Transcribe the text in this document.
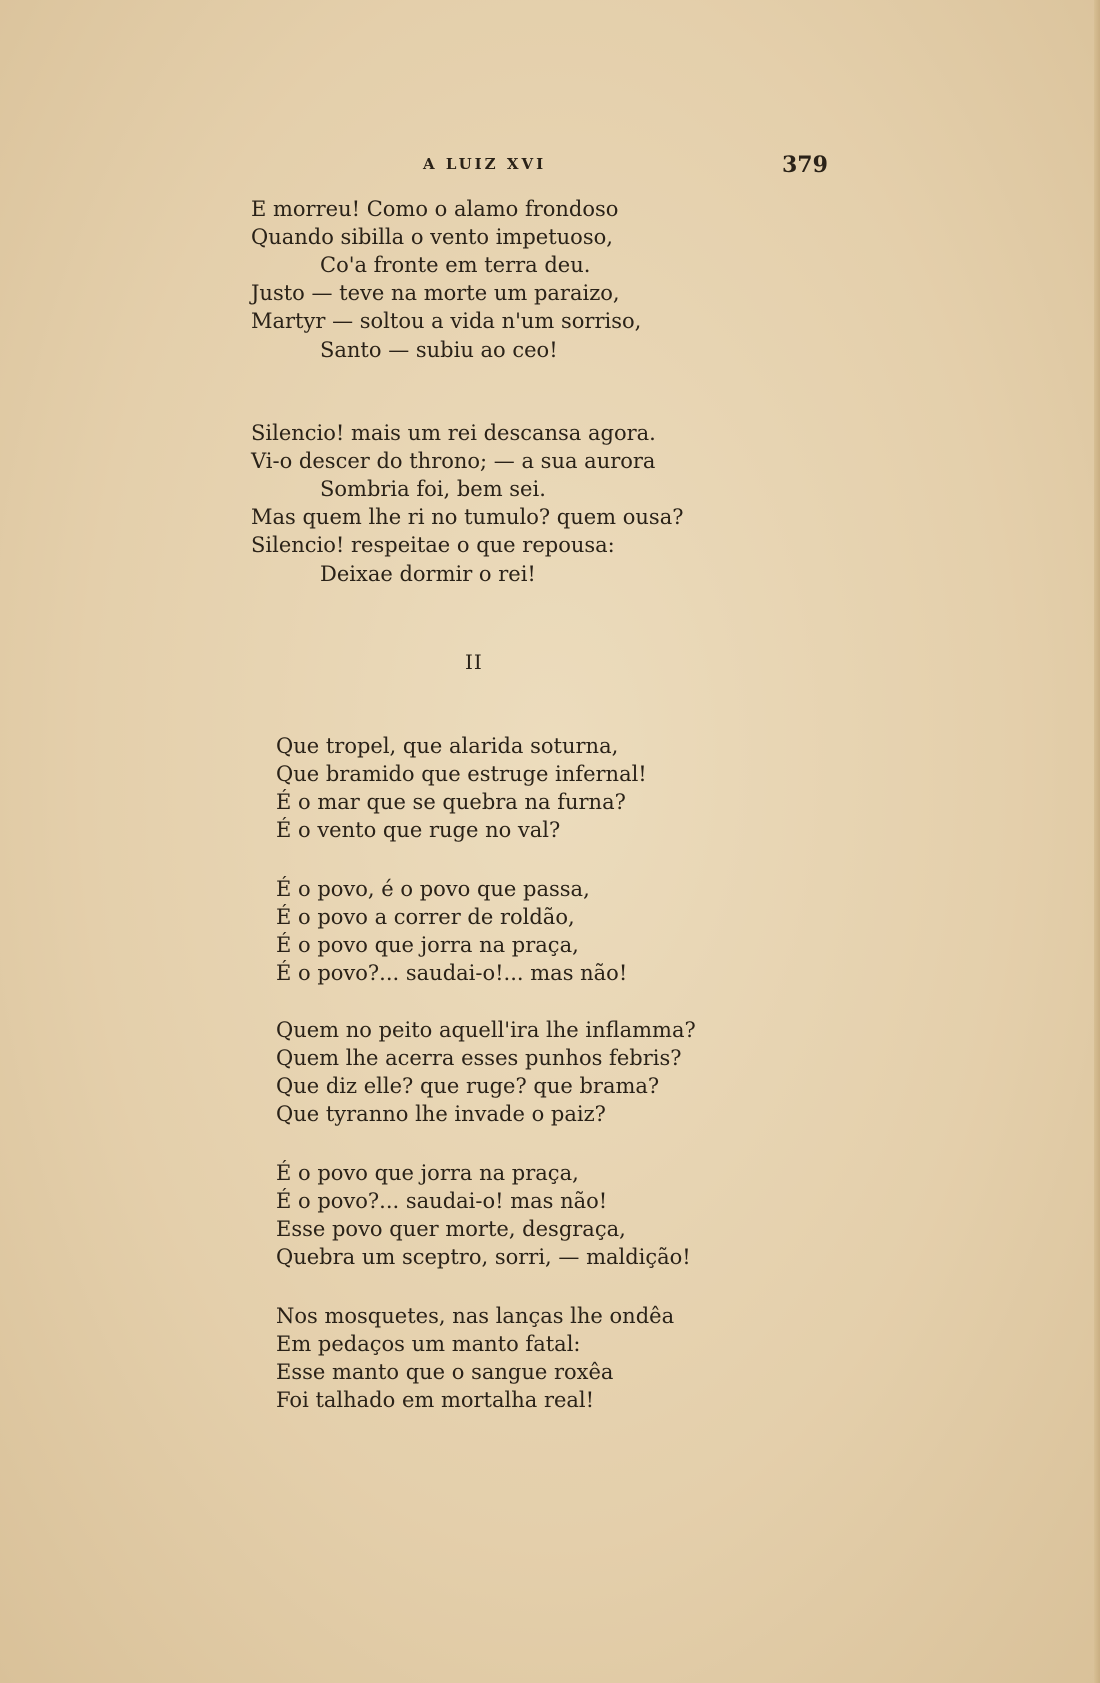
A LUIZ XVI	379
E morreu! Como o alamo frondoso
Quando sibilla o vento impetuoso,
Co'a fronte em terra deu.
Justo — teve na morte um paraizo,
Martyr — soltou a vida n'um sorriso,
Santo — subiu ao ceo!
Silencio! mais um rei descansa agora.
Vi-o descer do throno; — a sua aurora
Sombria foi, bem sei.
Mas quem lhe ri no tumulo? quem ousa?
Silencio! respeitae o que repousa:
Deixae dormir o rei!
II
Que tropel, que alarida soturna,
Que bramido que estruge infernal!
É o mar que se quebra na furna?
É o vento que ruge no val?
É o povo, é o povo que passa,
É o povo a correr de roldão,
É o povo que jorra na praça,
É o povo?... saudai-o!... mas não!
Quem no peito aquell'ira lhe inflamma?
Quem lhe acerra esses punhos febris?
Que diz elle? que ruge? que brama?
Que tyranno lhe invade o paiz?
É o povo que jorra na praça,
É o povo?... saudai-o! mas não!
Esse povo quer morte, desgraça,
Quebra um sceptro, sorri, — maldição!
Nos mosquetes, nas lanças lhe ondêa
Em pedaços um manto fatal:
Esse manto que o sangue roxêa
Foi talhado em mortalha real!
